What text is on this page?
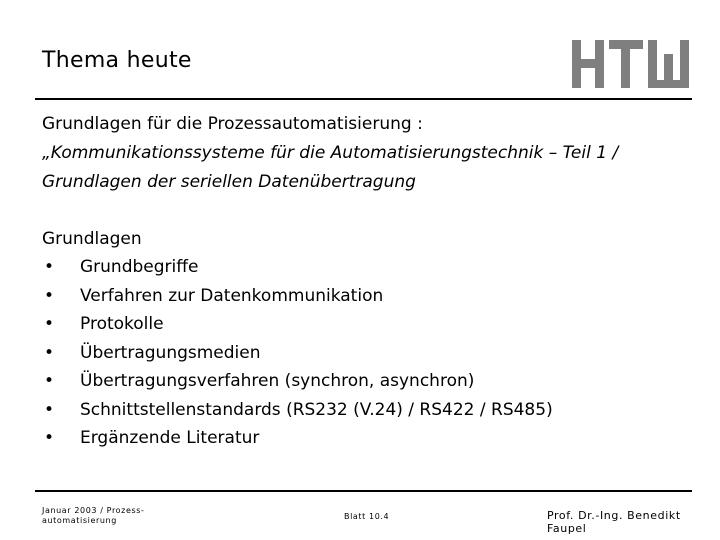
Thema heute
Grundlagen für die Prozessautomatisierung :
„Kommunikationssysteme für die Automatisierungstechnik – Teil 1 /
Grundlagen der seriellen Datenübertragung
Grundlagen
•	Grundbegriffe
•	Verfahren zur Datenkommunikation
•	Protokolle
•	Übertragungsmedien
•	Übertragungsverfahren (synchron, asynchron)
•	Schnittstellenstandards (RS232 (V.24) / RS422 / RS485)
•	Ergänzende Literatur
Januar 2003 / Prozess-
automatisierung	Blatt 10.4	Prof. Dr.-Ing. Benedikt Faupel
